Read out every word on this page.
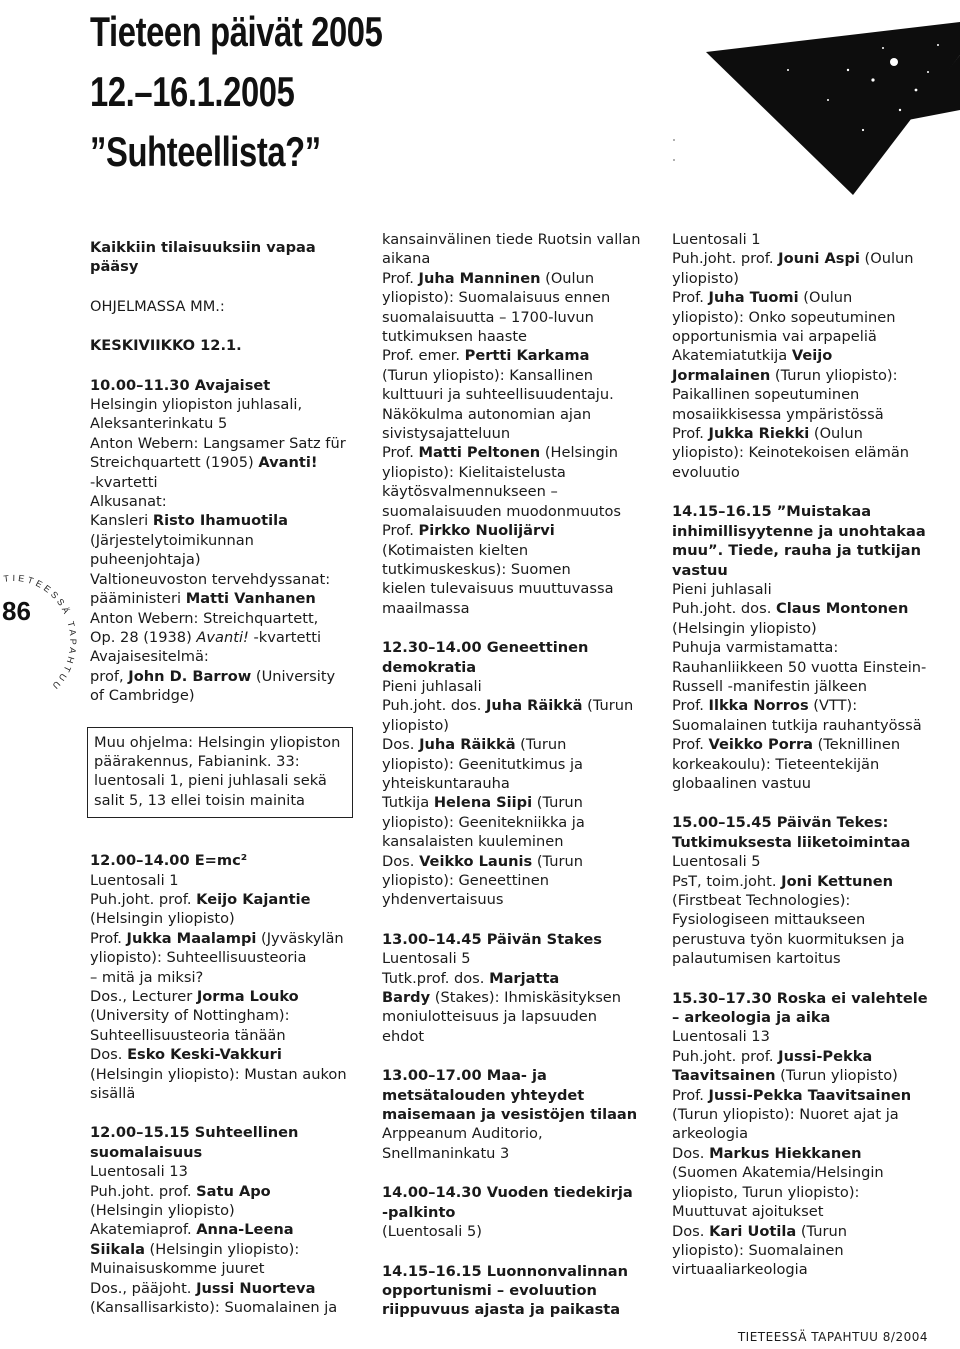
Tieteen päivät 2005
12.–16.1.2005
”Suhteellista?”
TIETEESSÄ TAPAHTUU
86

Kaikkiin tilaisuuksiin vapaa pääsy

OHJELMASSA MM.:

KESKIVIIKKO 12.1.

10.00–11.30 Avajaiset

Helsingin yliopiston juhlasali,

Aleksanterinkatu 5

Anton Webern: Langsamer Satz für

Streichquartett (1905) Avanti!

-kvartetti

Alkusanat:

Kansleri Risto Ihamuotila

(Järjestelytoimikunnan

puheenjohtaja)

Valtioneuvoston tervehdyssanat:

pääministeri Matti Vanhanen

Anton Webern: Streichquartett,

Op. 28 (1938) Avanti! -kvartetti

Avajaisesitelmä:

prof, John D. Barrow (University

of Cambridge)

Muu ohjelma: Helsingin yliopiston päärakennus, Fabianink. 33: luentosali 1, pieni juhlasali sekä salit 5, 13 ellei toisin mainita

12.00–14.00 E=mc²

Luentosali 1

Puh.joht. prof. Keijo Kajantie

(Helsingin yliopisto)

Prof. Jukka Maalampi (Jyväskylän

yliopisto): Suhteellisuusteoria

– mitä ja miksi?

Dos., Lecturer Jorma Louko

(University of Nottingham):

Suhteellisuusteoria tänään

Dos. Esko Keski-Vakkuri

(Helsingin yliopisto): Mustan aukon

sisällä

12.00–15.15 Suhteellinen

suomalaisuus

Luentosali 13

Puh.joht. prof. Satu Apo

(Helsingin yliopisto)

Akatemiaprof. Anna-Leena

Siikala (Helsingin yliopisto):

Muinaisuskomme juuret

Dos., pääjoht. Jussi Nuorteva

(Kansallisarkisto): Suomalainen ja

kansainvälinen tiede Ruotsin vallan

aikana

Prof. Juha Manninen (Oulun

yliopisto): Suomalaisuus ennen

suomalaisuutta – 1700-luvun

tutkimuksen haaste

Prof. emer. Pertti Karkama

(Turun yliopisto): Kansallinen

kulttuuri ja suhteellisuudentaju.

Näkökulma autonomian ajan

sivistysajatteluun

Prof. Matti Peltonen (Helsingin

yliopisto): Kielitaistelusta

käytösvalmennukseen –

suomalaisuuden muodonmuutos

Prof. Pirkko Nuolijärvi

(Kotimaisten kielten

tutkimuskeskus): Suomen

kielen tulevaisuus muuttuvassa

maailmassa

12.30–14.00 Geneettinen

demokratia

Pieni juhlasali

Puh.joht. dos. Juha Räikkä (Turun

yliopisto)

Dos. Juha Räikkä (Turun

yliopisto): Geenitutkimus ja

yhteiskuntarauha

Tutkija Helena Siipi (Turun

yliopisto): Geenitekniikka ja

kansalaisten kuuleminen

Dos. Veikko Launis (Turun

yliopisto): Geneettinen

yhdenvertaisuus

13.00–14.45 Päivän Stakes

Luentosali 5

Tutk.prof. dos. Marjatta

Bardy (Stakes): Ihmiskäsityksen

moniulotteisuus ja lapsuuden

ehdot

13.00–17.00 Maa- ja

metsätalouden yhteydet

maisemaan ja vesistöjen tilaan

Arppeanum Auditorio,

Snellmaninkatu 3

14.00–14.30 Vuoden tiedekirja

-palkinto

(Luentosali 5)

14.15–16.15 Luonnonvalinnan

opportunismi – evoluution

riippuvuus ajasta ja paikasta

Luentosali 1

Puh.joht. prof. Jouni Aspi (Oulun

yliopisto)

Prof. Juha Tuomi (Oulun

yliopisto): Onko sopeutuminen

opportunismia vai arpapeliä

Akatemiatutkija Veijo

Jormalainen (Turun yliopisto):

Paikallinen sopeutuminen

mosaiikkisessa ympäristössä

Prof. Jukka Riekki (Oulun

yliopisto): Keinotekoisen elämän

evoluutio

14.15–16.15 ”Muistakaa

inhimillisyytenne ja unohtakaa

muu”. Tiede, rauha ja tutkijan

vastuu

Pieni juhlasali

Puh.joht. dos. Claus Montonen

(Helsingin yliopisto)

Puhuja varmistamatta:

Rauhanliikkeen 50 vuotta Einstein-

Russell -manifestin jälkeen

Prof. Ilkka Norros (VTT):

Suomalainen tutkija rauhantyössä

Prof. Veikko Porra (Teknillinen

korkeakoulu): Tieteentekijän

globaalinen vastuu

15.00–15.45 Päivän Tekes:

Tutkimuksesta liiketoimintaa

Luentosali 5

PsT, toim.joht. Joni Kettunen

(Firstbeat Technologies):

Fysiologiseen mittaukseen

perustuva työn kuormituksen ja

palautumisen kartoitus

15.30–17.30 Roska ei valehtele

– arkeologia ja aika

Luentosali 13

Puh.joht. prof. Jussi-Pekka

Taavitsainen (Turun yliopisto)

Prof. Jussi-Pekka Taavitsainen

(Turun yliopisto): Nuoret ajat ja

arkeologia

Dos. Markus Hiekkanen

(Suomen Akatemia/Helsingin

yliopisto, Turun yliopisto):

Muuttuvat ajoitukset

Dos. Kari Uotila (Turun

yliopisto): Suomalainen

virtuaaliarkeologia

TIETEESSÄ TAPAHTUU 8/2004
